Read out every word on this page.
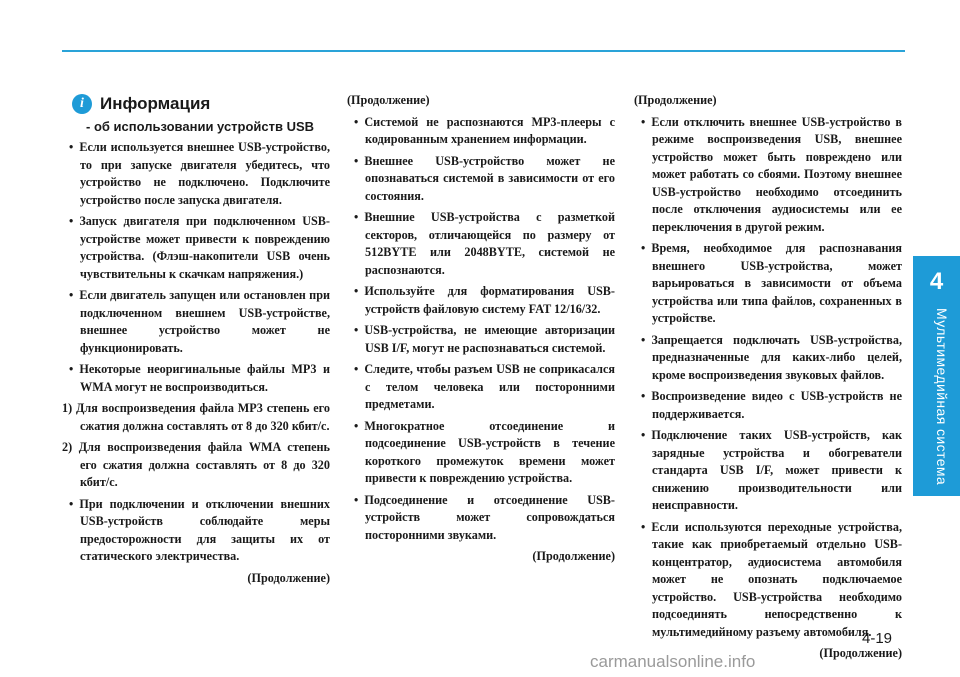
4
Мультимедийная система
i Информация
- об использовании устройств USB
•  Если используется внешнее USB-устройство, то при запуске двигателя убедитесь, что устройство не подключено. Подключите устройство после запуска двигателя.
•  Запуск двигателя при подключенном USB-устройстве может привести к повреждению устройства. (Флэш-накопители USB очень чувствительны к скачкам напряжения.)
•  Если двигатель запущен или остановлен при подключенном внешнем USB-устройстве, внешнее устройство может не функционировать.
•  Некоторые неоригинальные файлы MP3 и WMA могут не воспроизводиться.
1) Для воспроизведения файла MP3 степень его сжатия должна составлять от 8 до 320 кбит/с.
2) Для воспроизведения файла WMA степень его сжатия должна составлять от 8 до 320 кбит/с.
•  При подключении и отключении внешних USB-устройств соблюдайте меры предосторожности для защиты их от статического электричества.
(Продолжение)
(Продолжение)
•  Системой не распознаются MP3-плееры с кодированным хранением информации.
•  Внешнее USB-устройство может не опознаваться системой в зависимости от его состояния.
•  Внешние USB-устройства с разметкой секторов, отличающейся по размеру от 512BYTE или 2048BYTE, системой не распознаются.
•  Используйте для форматирования USB-устройств файловую систему FAT 12/16/32.
•  USB-устройства, не имеющие авторизации USB I/F, могут не распознаваться системой.
•  Следите, чтобы разъем USB не соприкасался с телом человека или посторонними предметами.
•  Многократное отсоединение и подсоединение USB-устройств в течение короткого промежуток времени может привести к повреждению устройства.
•  Подсоединение и отсоединение USB-устройств может сопровождаться посторонними звуками.
(Продолжение)
(Продолжение)
•  Если отключить внешнее USB-устройство в режиме воспроизведения USB, внешнее устройство может быть повреждено или может работать со сбоями. Поэтому внешнее USB-устройство необходимо отсоединить после отключения аудиосистемы или ее переключения в другой режим.
•  Время, необходимое для распознавания внешнего USB-устройства, может варьироваться в зависимости от объема устройства или типа файлов, сохраненных в устройстве.
•  Запрещается подключать USB-устройства, предназначенные для каких-либо целей, кроме воспроизведения звуковых файлов.
•  Воспроизведение видео с USB-устройств не поддерживается.
•  Подключение таких USB-устройств, как зарядные устройства и обогреватели стандарта USB I/F, может привести к снижению производительности или неисправности.
•  Если используются переходные устройства, такие как приобретаемый отдельно USB-концентратор, аудиосистема автомобиля может не опознать подключаемое устройство. USB-устройства необходимо подсоединять непосредственно к мультимедийному разъему автомобиля.
(Продолжение)
4-19
carmanualsonline.info
